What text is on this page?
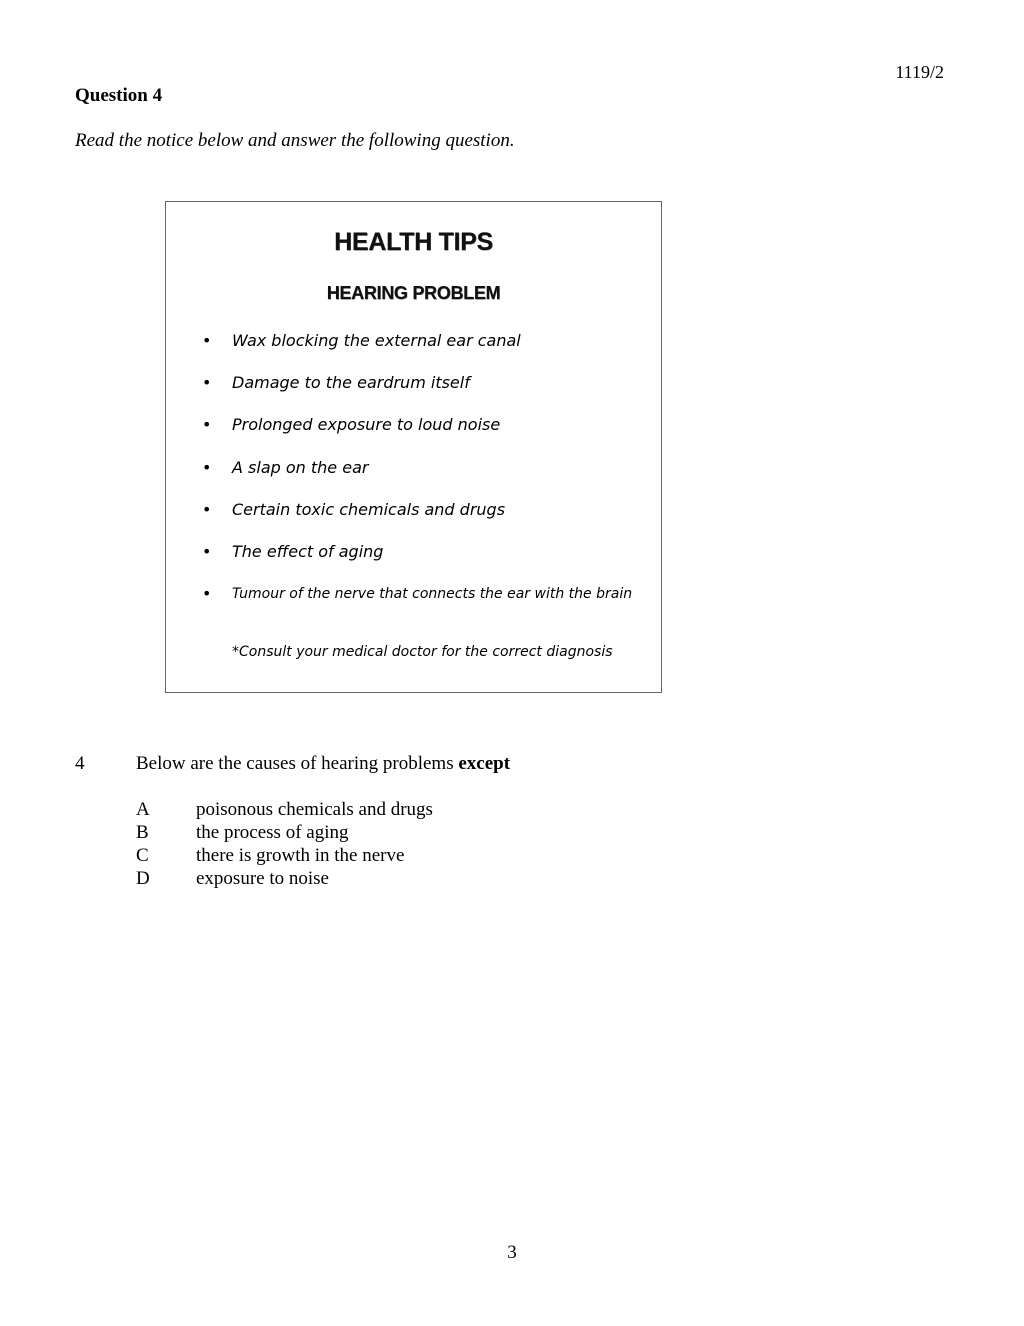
1119/2
Question 4
Read the notice below and answer the following question.
HEALTH TIPS
HEARING PROBLEM
• Wax blocking the external ear canal
• Damage to the eardrum itself
• Prolonged exposure to loud noise
• A slap on the ear
• Certain toxic chemicals and drugs
• The effect of aging
• Tumour of the nerve that connects the ear with the brain
*Consult your medical doctor for the correct diagnosis
4	Below are the causes of hearing problems except
A poisonous chemicals and drugs
B the process of aging
C there is growth in the nerve
D exposure to noise
3
